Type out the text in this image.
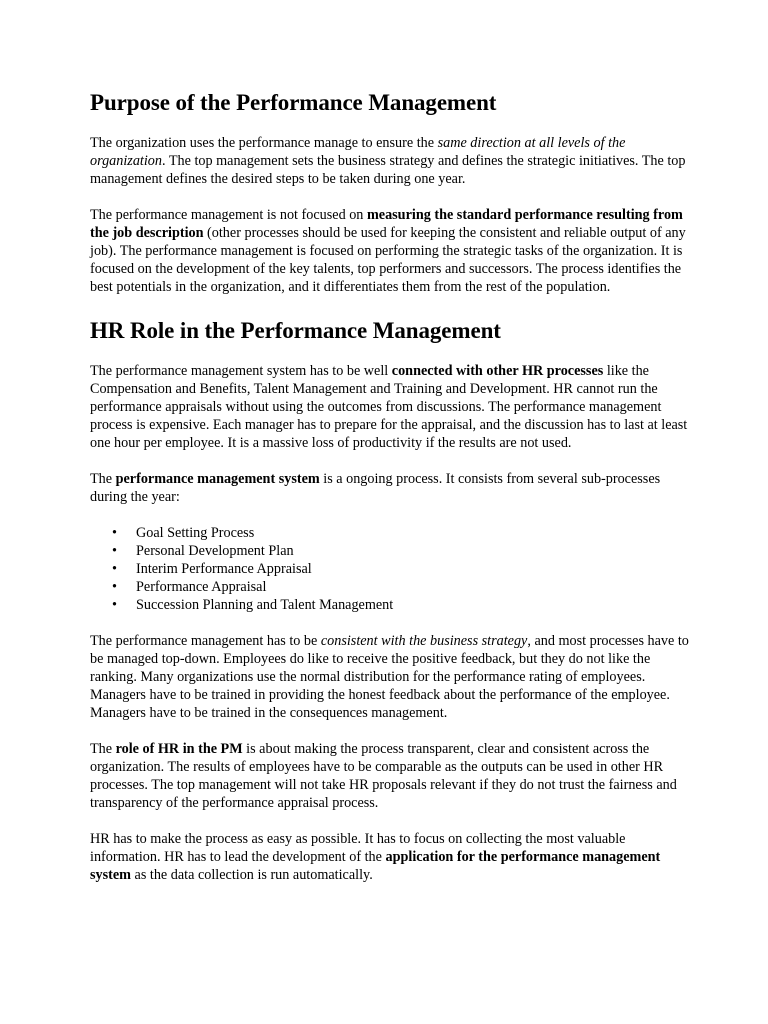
Purpose of the Performance Management

The organization uses the performance manage to ensure the same direction at all levels of the organization. The top management sets the business strategy and defines the strategic initiatives. The top management defines the desired steps to be taken during one year.

The performance management is not focused on measuring the standard performance resulting from the job description (other processes should be used for keeping the consistent and reliable output of any job). The performance management is focused on performing the strategic tasks of the organization. It is focused on the development of the key talents, top performers and successors. The process identifies the best potentials in the organization, and it differentiates them from the rest of the population.

HR Role in the Performance Management

The performance management system has to be well connected with other HR processes like the Compensation and Benefits, Talent Management and Training and Development. HR cannot run the performance appraisals without using the outcomes from discussions. The performance management process is expensive. Each manager has to prepare for the appraisal, and the discussion has to last at least one hour per employee. It is a massive loss of productivity if the results are not used.

The performance management system is a ongoing process. It consists from several sub-processes during the year:

• Goal Setting Process
• Personal Development Plan
• Interim Performance Appraisal
• Performance Appraisal
• Succession Planning and Talent Management

The performance management has to be consistent with the business strategy, and most processes have to be managed top-down. Employees do like to receive the positive feedback, but they do not like the ranking. Many organizations use the normal distribution for the performance rating of employees. Managers have to be trained in providing the honest feedback about the performance of the employee. Managers have to be trained in the consequences management.

The role of HR in the PM is about making the process transparent, clear and consistent across the organization. The results of employees have to be comparable as the outputs can be used in other HR processes. The top management will not take HR proposals relevant if they do not trust the fairness and transparency of the performance appraisal process.

HR has to make the process as easy as possible. It has to focus on collecting the most valuable information. HR has to lead the development of the application for the performance management system as the data collection is run automatically.
